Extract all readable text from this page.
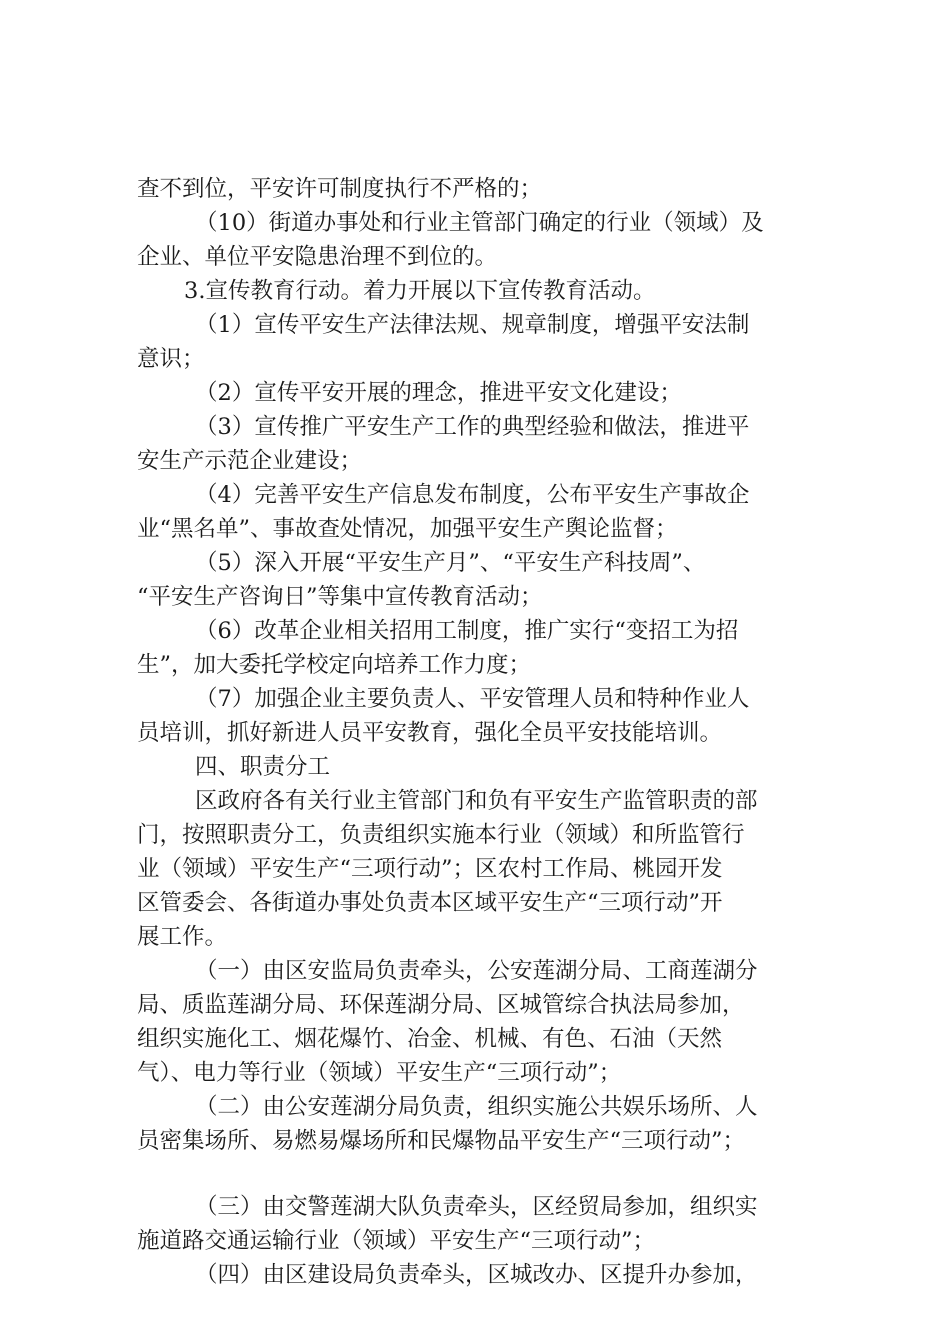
查不到位，平安许可制度执行不严格的；
（10）街道办事处和行业主管部门确定的行业（领域）及
企业、单位平安隐患治理不到位的。
3.宣传教育行动。着力开展以下宣传教育活动。
（1）宣传平安生产法律法规、规章制度，增强平安法制
意识；
（2）宣传平安开展的理念，推进平安文化建设；
（3）宣传推广平安生产工作的典型经验和做法，推进平
安生产示范企业建设；
（4）完善平安生产信息发布制度，公布平安生产事故企
业“黑名单”、事故查处情况，加强平安生产舆论监督；
（5）深入开展“平安生产月”、“平安生产科技周”、
“平安生产咨询日”等集中宣传教育活动；
（6）改革企业相关招用工制度，推广实行“变招工为招
生”，加大委托学校定向培养工作力度；
（7）加强企业主要负责人、平安管理人员和特种作业人
员培训，抓好新进人员平安教育，强化全员平安技能培训。
四、职责分工
区政府各有关行业主管部门和负有平安生产监管职责的部
门，按照职责分工，负责组织实施本行业（领域）和所监管行
业（领域）平安生产“三项行动”；区农村工作局、桃园开发
区管委会、各街道办事处负责本区域平安生产“三项行动”开
展工作。
（一）由区安监局负责牵头，公安莲湖分局、工商莲湖分
局、质监莲湖分局、环保莲湖分局、区城管综合执法局参加，
组织实施化工、烟花爆竹、冶金、机械、有色、石油（天然
气）、电力等行业（领域）平安生产“三项行动”；
（二）由公安莲湖分局负责，组织实施公共娱乐场所、人
员密集场所、易燃易爆场所和民爆物品平安生产“三项行动”；
（三）由交警莲湖大队负责牵头，区经贸局参加，组织实
施道路交通运输行业（领域）平安生产“三项行动”；
（四）由区建设局负责牵头，区城改办、区提升办参加，
